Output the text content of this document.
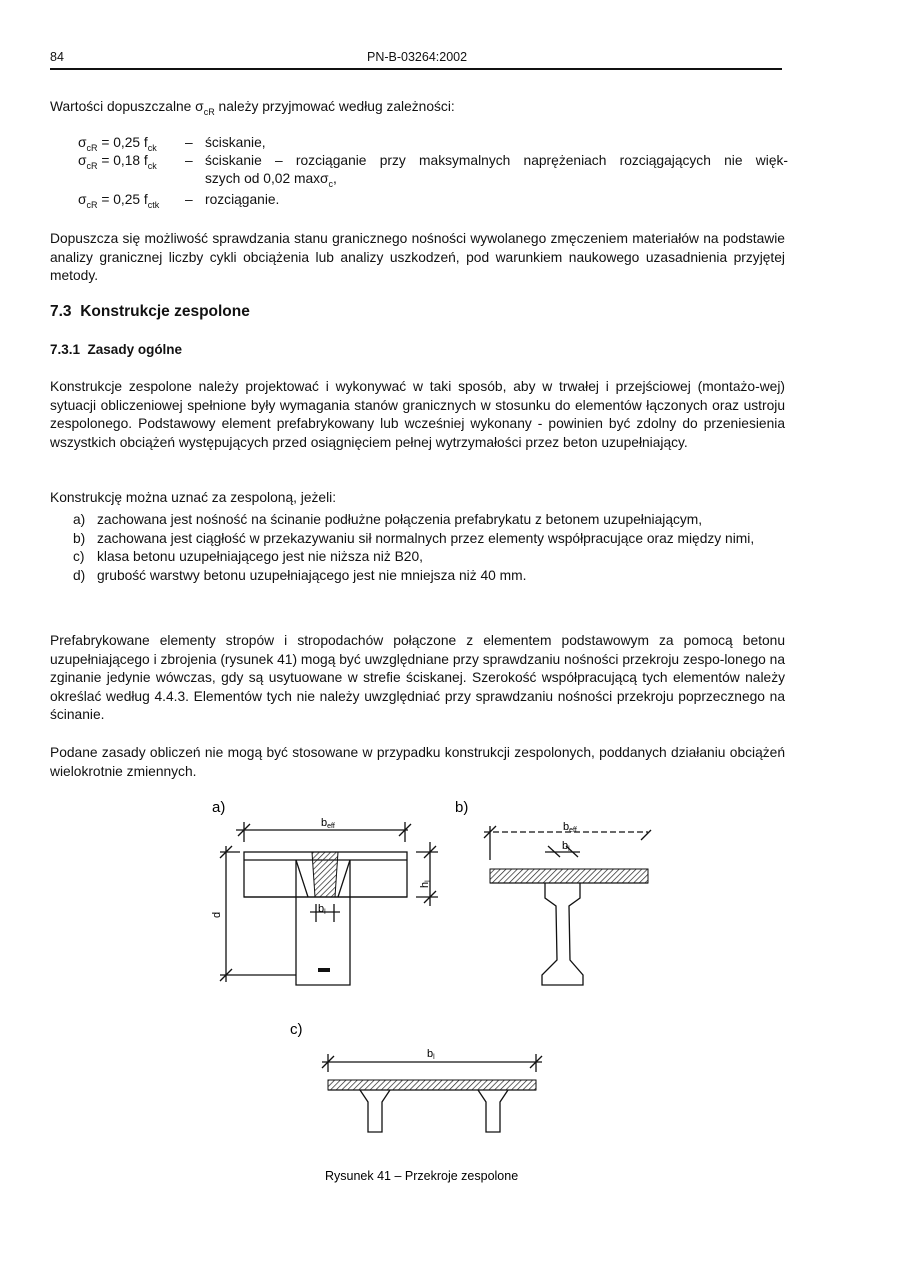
84	PN-B-03264:2002
Wartości dopuszczalne $\sigma_{cR}$ należy przyjmować według zależności:
$\sigma_{cR} = 0,25$ $f_{ck}$ – ściskanie,
$\sigma_{cR} = 0,18$ $f_{ck}$ – ściskanie – rozciąganie przy maksymalnych naprężeniach rozciągających nie więk-
szych od 0,02 maxσ$_c$,
$\sigma_{cR} = 0,25$ $f_{ctk}$ – rozciąganie.
Dopuszcza się możliwość sprawdzania stanu granicznego nośności wywolanego zmęczeniem materiałów na podstawie analizy granicznej liczby cykli obciążenia lub analizy uszkodzeń, pod warunkiem naukowego uzasadnienia przyjętej metody.
7.3 Konstrukcje zespolone
7.3.1 Zasady ogólne
Konstrukcje zespolone należy projektować i wykonywać w taki sposób, aby w trwałej i przejściowej (montażo-wej) sytuacji obliczeniowej spełnione były wymagania stanów granicznych w stosunku do elementów łączonych oraz ustroju zespolonego. Podstawowy element prefabrykowany lub wcześniej wykonany - powinien być zdolny do przeniesienia wszystkich obciążeń występujących przed osiągnięciem pełnej wytrzymałości przez beton uzupełniający.
Konstrukcję można uznać za zespoloną, jeżeli:
a) zachowana jest nośność na ścinanie podłużne połączenia prefabrykatu z betonem uzupełniającym,
b) zachowana jest ciągłość w przekazywaniu sił normalnych przez elementy współpracujące oraz między nimi,
c) klasa betonu uzupełniającego jest nie niższa niż B20,
d) grubość warstwy betonu uzupełniającego jest nie mniejsza niż 40 mm.
Prefabrykowane elementy stropów i stropodachów połączone z elementem podstawowym za pomocą betonu uzupełniającego i zbrojenia (rysunek 41) mogą być uwzględniane przy sprawdzaniu nośności przekroju zespo-lonego na zginanie jedynie wówczas, gdy są usytuowane w strefie ściskanej. Szerokość współpracującą tych elementów należy określać według 4.4.3. Elementów tych nie należy uwzględniać przy sprawdzaniu nośności przekroju poprzecznego na ścinanie.
Podane zasady obliczeń nie mogą być stosowane w przypadku konstrukcji zespolonych, poddanych działaniu obciążeń wielokrotnie zmiennych.
a)	b)
c)
beff
bl
d
hl
beff
bl
bl
Rysunek 41 – Przekroje zespolone
